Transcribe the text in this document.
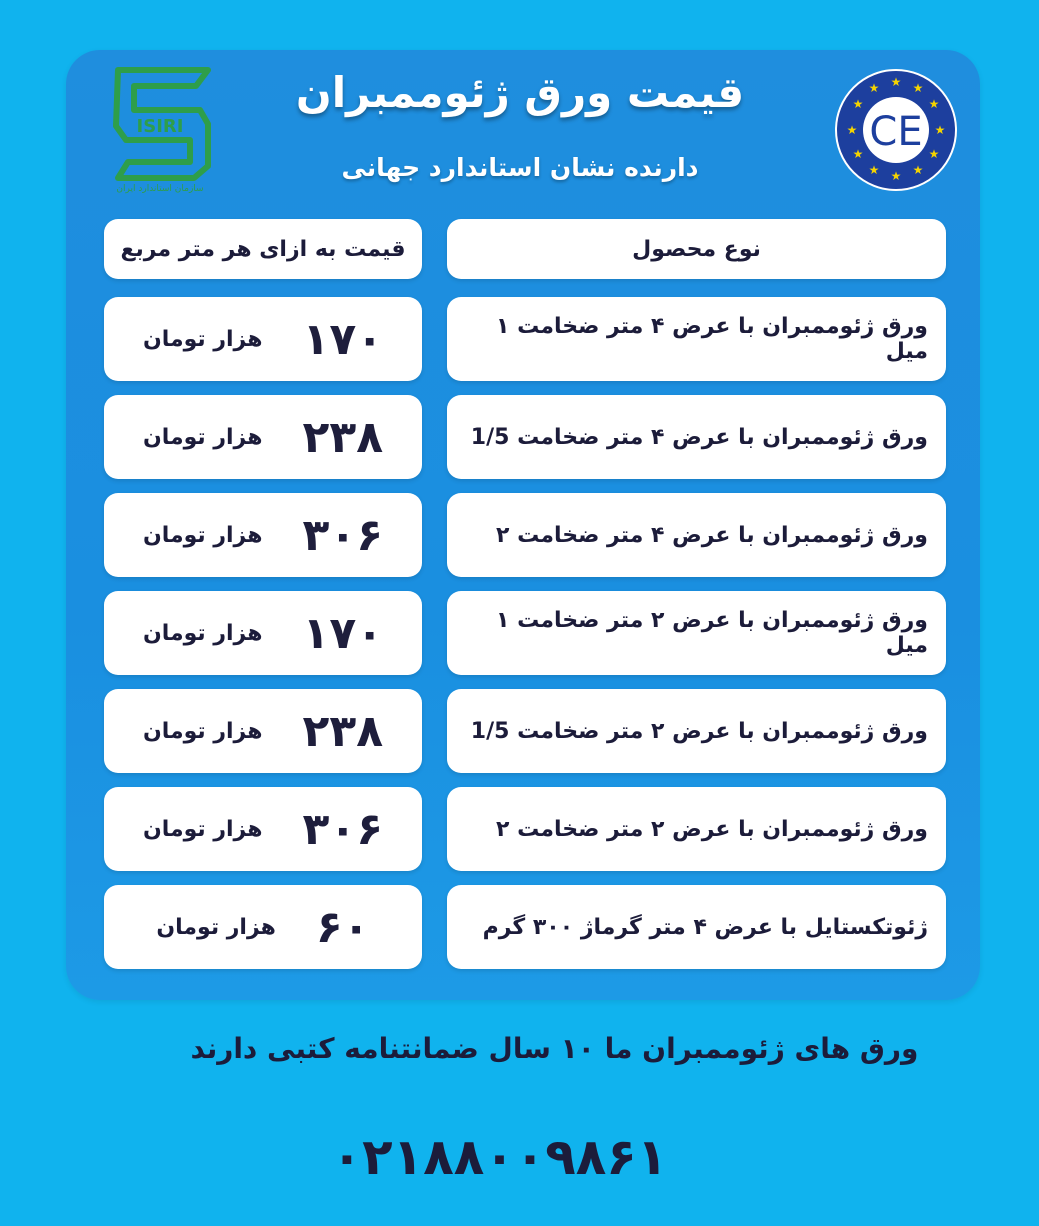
ISIRI
سازمان استاندارد ایران
★ ★
★
★
★
★
★
★
★
★
★
★
CE
قیمت ورق ژئوممبران
دارنده نشان استاندارد جهانی
نوع محصول
قیمت به ازای هر متر مربع
ورق ژئوممبران با عرض ۴ متر ضخامت ۱ میل
۱۷۰
هزار تومان
ورق ژئوممبران با عرض ۴ متر ضخامت 1/5
۲۳۸
هزار تومان
ورق ژئوممبران با عرض ۴ متر ضخامت ۲
۳۰۶
هزار تومان
ورق ژئوممبران با عرض ۲ متر ضخامت ۱ میل
۱۷۰
هزار تومان
ورق ژئوممبران با عرض ۲ متر ضخامت 1/5
۲۳۸
هزار تومان
ورق ژئوممبران با عرض ۲ متر ضخامت ۲
۳۰۶
هزار تومان
ژئوتکستایل با عرض ۴ متر گرماژ ۳۰۰ گرم
۶۰
هزار تومان
ورق های ژئوممبران ما ۱۰ سال ضمانتنامه کتبی دارند
۰۲۱۸۸۰۰۹۸۶۱
